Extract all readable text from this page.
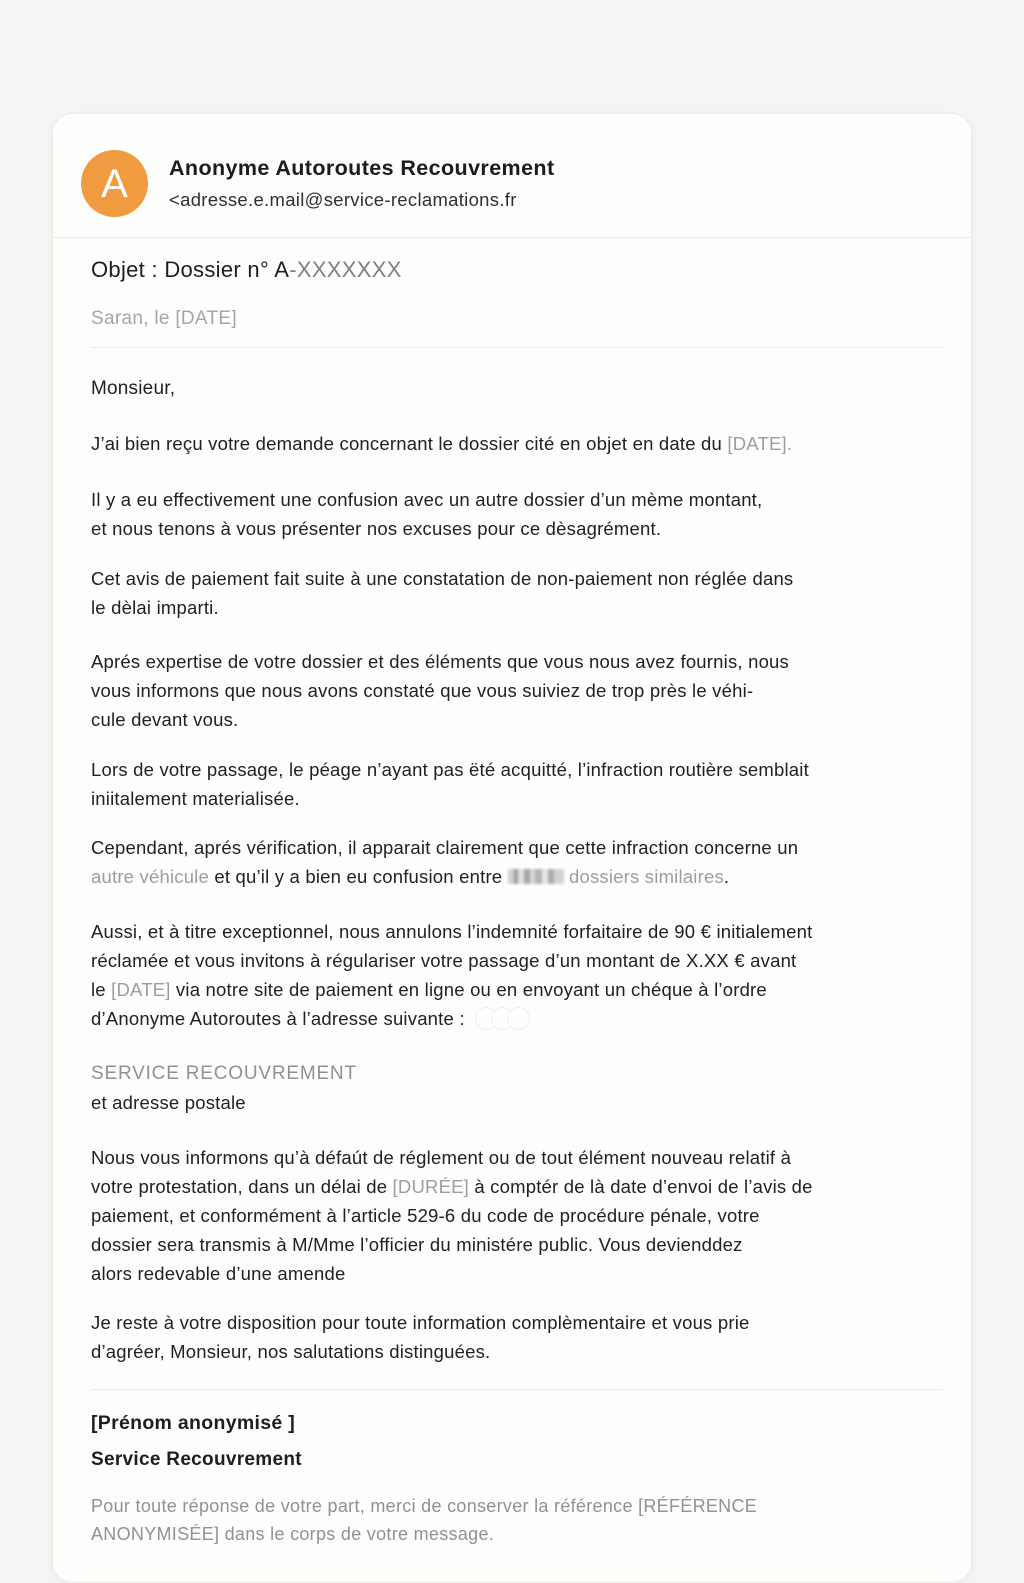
A Anonyme Autoroutes Recouvrement
<adresse.e.mail@service-reclamations.fr
Objet : Dossier n° A-XXXXXXX
Saran, le [DATE]

Monsieur,

J’ai bien reçu votre demande concernant le dossier cité en objet en date du [DATE].

Il y a eu effectivement une confusion avec un autre dossier d’un mème montant,
et nous tenons à vous présenter nos excuses pour ce dèsagrément.

Cet avis de paiement fait suite à une constatation de non-paiement non réglée dans
le dèlai imparti.

Aprés expertise de votre dossier et des éléments que vous nous avez fournis, nous
vous informons que nous avons constaté que vous suiviez de trop près le véhi-
cule devant vous.

Lors de votre passage, le péage n’ayant pas ëté acquitté, l’infraction routière semblait
iniitalement materialisée.

Cependant, aprés vérification, il apparait clairement que cette infraction concerne un
autre véhicule et qu’il y a bien eu confusion entre	dossiers similaires.

Aussi, et à titre exceptionnel, nous annulons l’indemnité forfaitaire de 90 € initialement
réclamée et vous invitons à régulariser votre passage d’un montant de X.XX € avant
le [DATE] via notre site de paiement en ligne ou en envoyant un chéque à l’ordre
d’Anonyme Autoroutes à l’adresse suivante :

SERVICE RECOUVREMENT
et adresse postale

Nous vous informons qu’à défaút de réglement ou de tout élément nouveau relatif à
votre protestation, dans un délai de [DURÉE] à comptér de là date d’envoi de l’avis de
paiement, et conformément à l’article 529-6 du code de procédure pénale, votre
dossier sera transmis à M/Mme l’officier du ministére public. Vous devienddez
alors redevable d’une amende

Je reste à votre disposition pour toute information complèmentaire et vous prie
d’agréer, Monsieur, nos salutations distinguées.

[Prénom anonymisé ]
Service Recouvrement
Pour toute réponse de votre part, merci de conserver la référence [RÉFÉRENCE
ANONYMISÉE] dans le corps de votre message.
